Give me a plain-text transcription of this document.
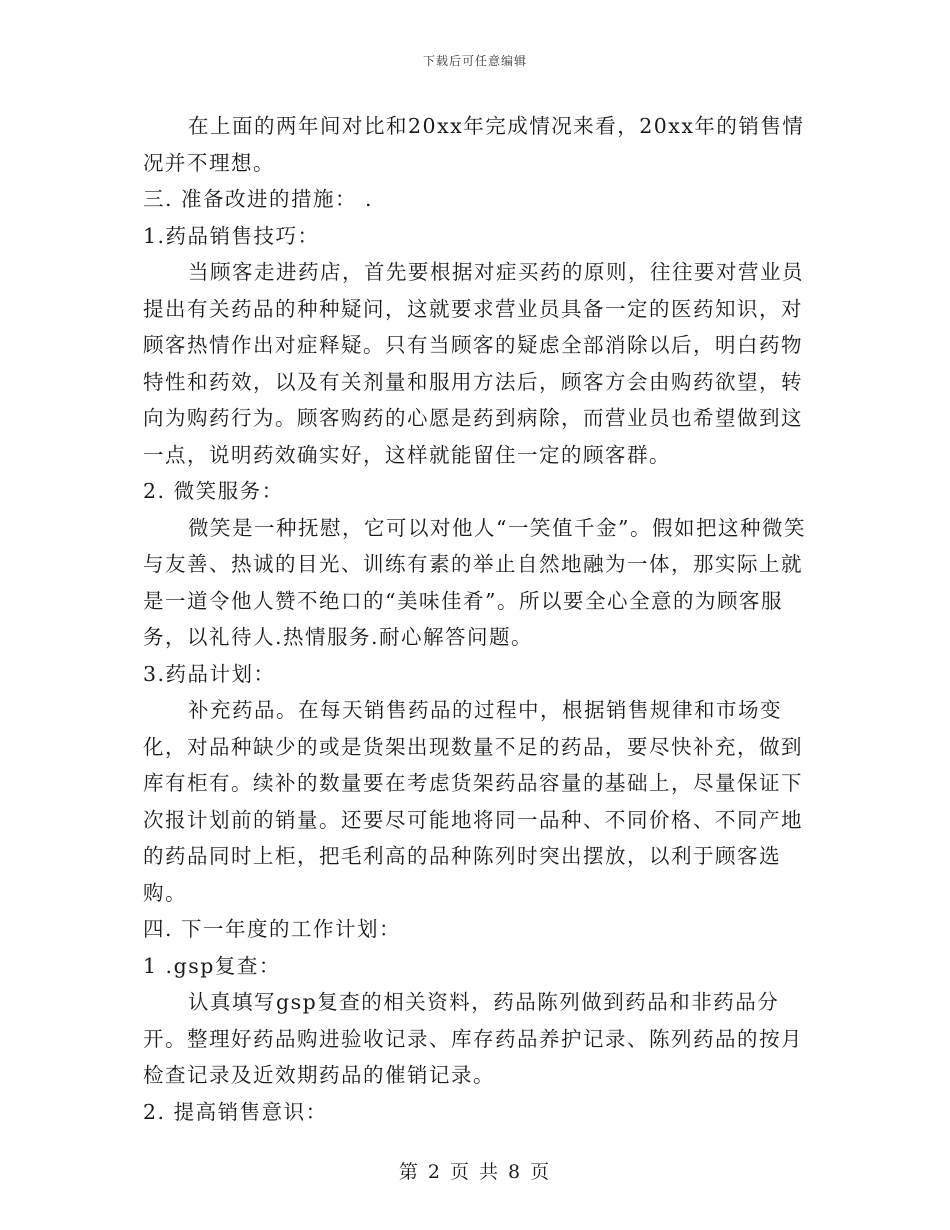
下载后可任意编辑

在上面的两年间对比和20xx年完成情况来看，20xx年的销售情况并不理想。

三. 准备改进的措施： .

1.药品销售技巧：

当顾客走进药店，首先要根据对症买药的原则，往往要对营业员提出有关药品的种种疑问，这就要求营业员具备一定的医药知识，对顾客热情作出对症释疑。只有当顾客的疑虑全部消除以后，明白药物特性和药效，以及有关剂量和服用方法后，顾客方会由购药欲望，转向为购药行为。顾客购药的心愿是药到病除，而营业员也希望做到这一点，说明药效确实好，这样就能留住一定的顾客群。

2. 微笑服务：

微笑是一种抚慰，它可以对他人“一笑值千金”。假如把这种微笑与友善、热诚的目光、训练有素的举止自然地融为一体，那实际上就是一道令他人赞不绝口的“美味佳肴”。所以要全心全意的为顾客服务，以礼待人.热情服务.耐心解答问题。

3.药品计划：

补充药品。在每天销售药品的过程中，根据销售规律和市场变化，对品种缺少的或是货架出现数量不足的药品，要尽快补充，做到库有柜有。续补的数量要在考虑货架药品容量的基础上，尽量保证下次报计划前的销量。还要尽可能地将同一品种、不同价格、不同产地的药品同时上柜，把毛利高的品种陈列时突出摆放，以利于顾客选购。

四. 下一年度的工作计划：

1 .gsp复查：

认真填写gsp复查的相关资料，药品陈列做到药品和非药品分开。整理好药品购进验收记录、库存药品养护记录、陈列药品的按月检查记录及近效期药品的催销记录。

2. 提高销售意识：

第 2 页 共 8 页
